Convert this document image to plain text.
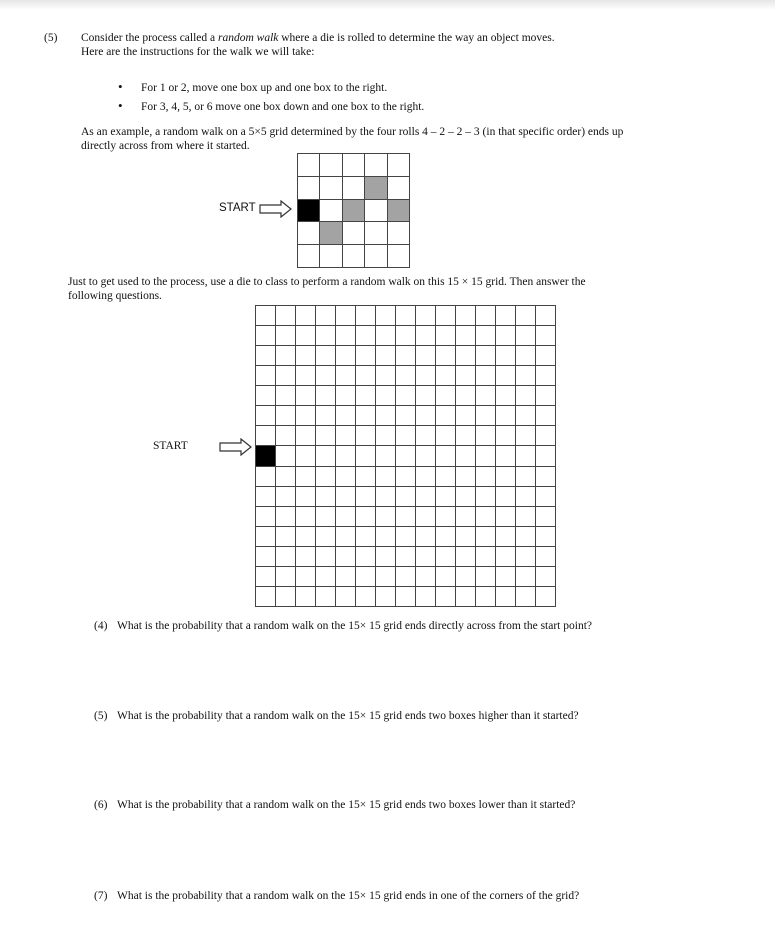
(5) Consider the process called a random walk where a die is rolled to determine the way an object moves.
Here are the instructions for the walk we will take:
•	For 1 or 2, move one box up and one box to the right.
•	For 3, 4, 5, or 6 move one box down and one box to the right.
As an example, a random walk on a 5×5 grid determined by the four rolls 4 – 2 – 2 – 3 (in that specific order) ends up
directly across from where it started.
START
Just to get used to the process, use a die to class to perform a random walk on this 15 × 15 grid. Then answer the
following questions.
START
(4) What is the probability that a random walk on the 15× 15 grid ends directly across from the start point?
(5) What is the probability that a random walk on the 15× 15 grid ends two boxes higher than it started?
(6) What is the probability that a random walk on the 15× 15 grid ends two boxes lower than it started?
(7) What is the probability that a random walk on the 15× 15 grid ends in one of the corners of the grid?
